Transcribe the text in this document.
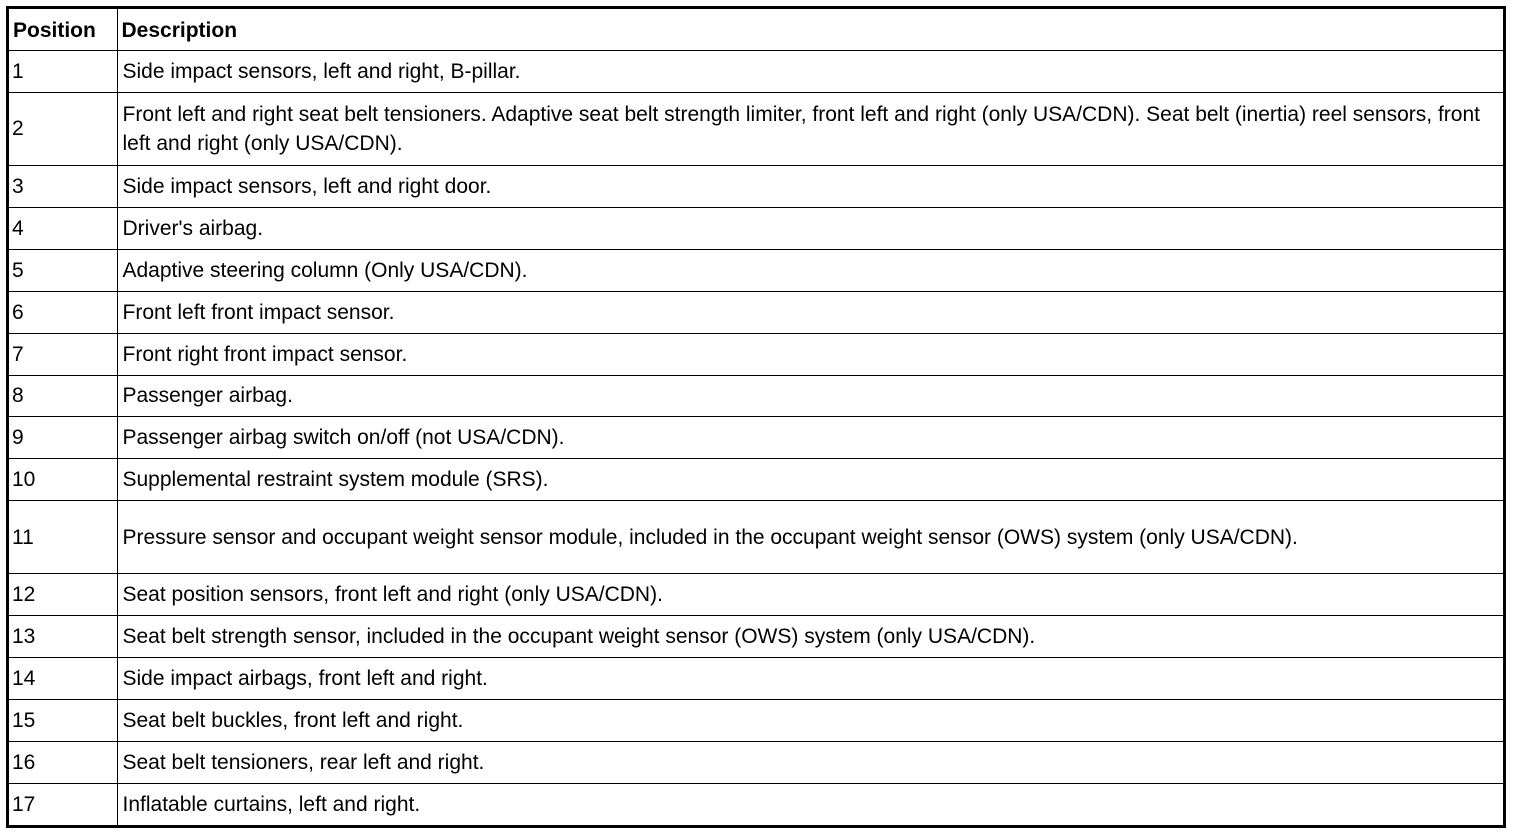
Position	Description
1	Side impact sensors, left and right, B-pillar.
2	Front left and right seat belt tensioners. Adaptive seat belt strength limiter, front left and right (only USA/CDN). Seat belt (inertia) reel sensors, front left and right (only USA/CDN).
3	Side impact sensors, left and right door.
4	Driver's airbag.
5	Adaptive steering column (Only USA/CDN).
6	Front left front impact sensor.
7	Front right front impact sensor.
8	Passenger airbag.
9	Passenger airbag switch on/off (not USA/CDN).
10	Supplemental restraint system module (SRS).
11	Pressure sensor and occupant weight sensor module, included in the occupant weight sensor (OWS) system (only USA/CDN).
12	Seat position sensors, front left and right (only USA/CDN).
13	Seat belt strength sensor, included in the occupant weight sensor (OWS) system (only USA/CDN).
14	Side impact airbags, front left and right.
15	Seat belt buckles, front left and right.
16	Seat belt tensioners, rear left and right.
17	Inflatable curtains, left and right.
